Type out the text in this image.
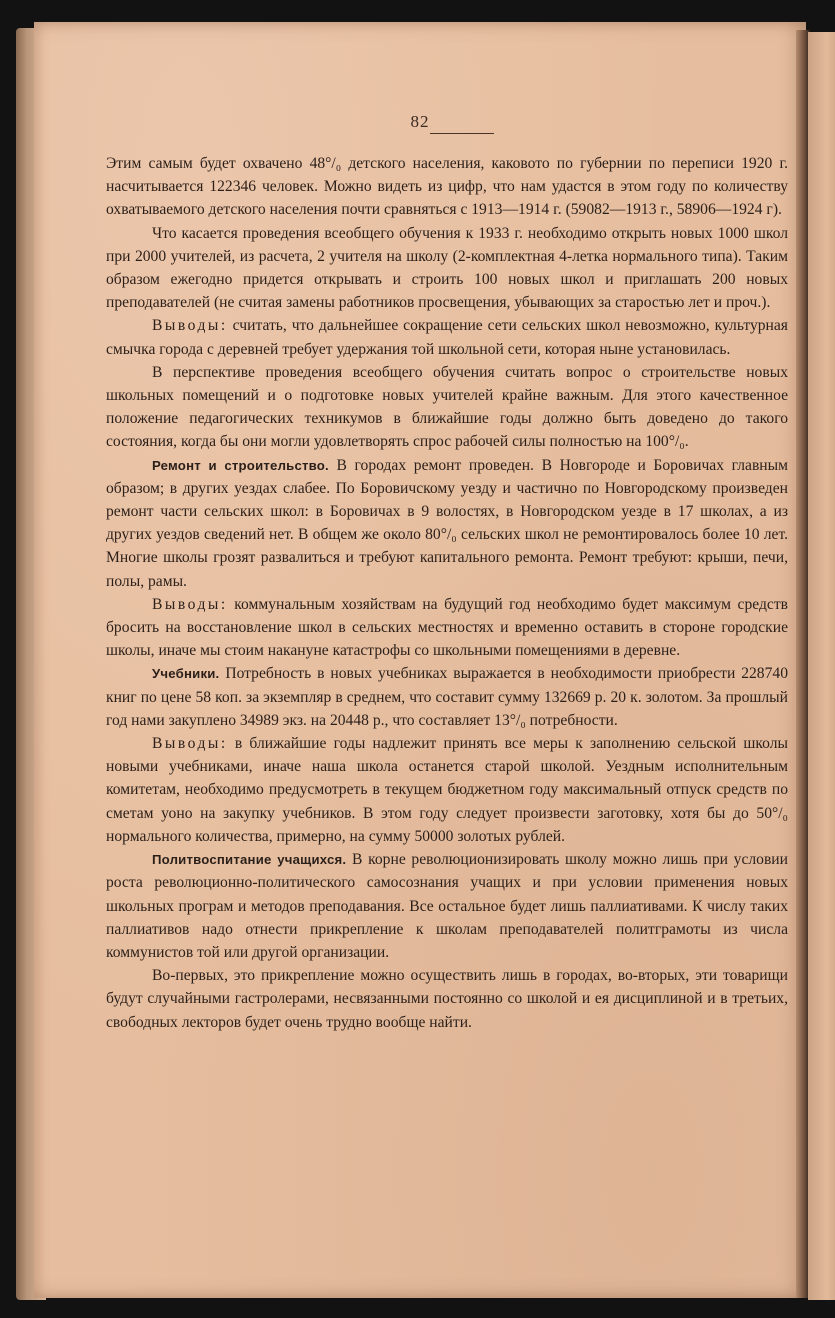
82

Этим самым будет охвачено 48°/₀ детского населения, каковото по губернии по переписи 1920 г. насчитывается 122346 человек. Можно видеть из цифр, что нам удастся в этом году по количеству охватываемого детского населения почти сравняться с 1913—1914 г. (59082—1913 г., 58906—1924 г).

Что касается проведения всеобщего обучения к 1933 г. необходимо открыть новых 1000 школ при 2000 учителей, из расчета, 2 учителя на школу (2-комплектная 4-летка нормального типа). Таким образом ежегодно придется открывать и строить 100 новых школ и приглашать 200 новых преподавателей (не считая замены работников просвещения, убывающих за старостью лет и проч.).

Выводы: считать, что дальнейшее сокращение сети сельских школ невозможно, культурная смычка города с деревней требует удержания той школьной сети, которая ныне установилась.

В перспективе проведения всеобщего обучения считать вопрос о строительстве новых школьных помещений и о подготовке новых учителей крайне важным. Для этого качественное положение педагогических техникумов в ближайшие годы должно быть доведено до такого состояния, когда бы они могли удовлетворять спрос рабочей силы полностью на 100°/₀.

Ремонт и строительство. В городах ремонт проведен. В Новгороде и Боровичах главным образом; в других уездах слабее. По Боровичскому уезду и частично по Новгородскому произведен ремонт части сельских школ: в Боровичах в 9 волостях, в Новгородском уезде в 17 школах, а из других уездов сведений нет. В общем же около 80°/₀ сельских школ не ремонтировалось более 10 лет. Многие школы грозят развалиться и требуют капитального ремонта. Ремонт требуют: крыши, печи, полы, рамы.

Выводы: коммунальным хозяйствам на будущий год необходимо будет максимум средств бросить на восстановление школ в сельских местностях и временно оставить в стороне городские школы, иначе мы стоим накануне катастрофы со школьными помещениями в деревне.

Учебники. Потребность в новых учебниках выражается в необходимости приобрести 228740 книг по цене 58 коп. за экземпляр в среднем, что составит сумму 132669 р. 20 к. золотом. За прошлый год нами закуплено 34989 экз. на 20448 р., что составляет 13°/₀ потребности.

Выводы: в ближайшие годы надлежит принять все меры к заполнению сельской школы новыми учебниками, иначе наша школа останется старой школой. Уездным исполнительным комитетам, необходимо предусмотреть в текущем бюджетном году максимальный отпуск средств по сметам уоно на закупку учебников. В этом году следует произвести заготовку, хотя бы до 50°/₀ нормального количества, примерно, на сумму 50000 золотых рублей.

Политвоспитание учащихся. В корне революционизировать школу можно лишь при условии роста революционно-политического самосознания учащих и при условии применения новых школьных програм и методов преподавания. Все остальное будет лишь паллиативами. К числу таких паллиативов надо отнести прикрепление к школам преподавателей политграмоты из числа коммунистов той или другой организации.

Во-первых, это прикрепление можно осуществить лишь в городах, во-вторых, эти товарищи будут случайными гастролерами, несвязанными постоянно со школой и ея дисциплиной и в третьих, свободных лекторов будет очень трудно вообще найти.
